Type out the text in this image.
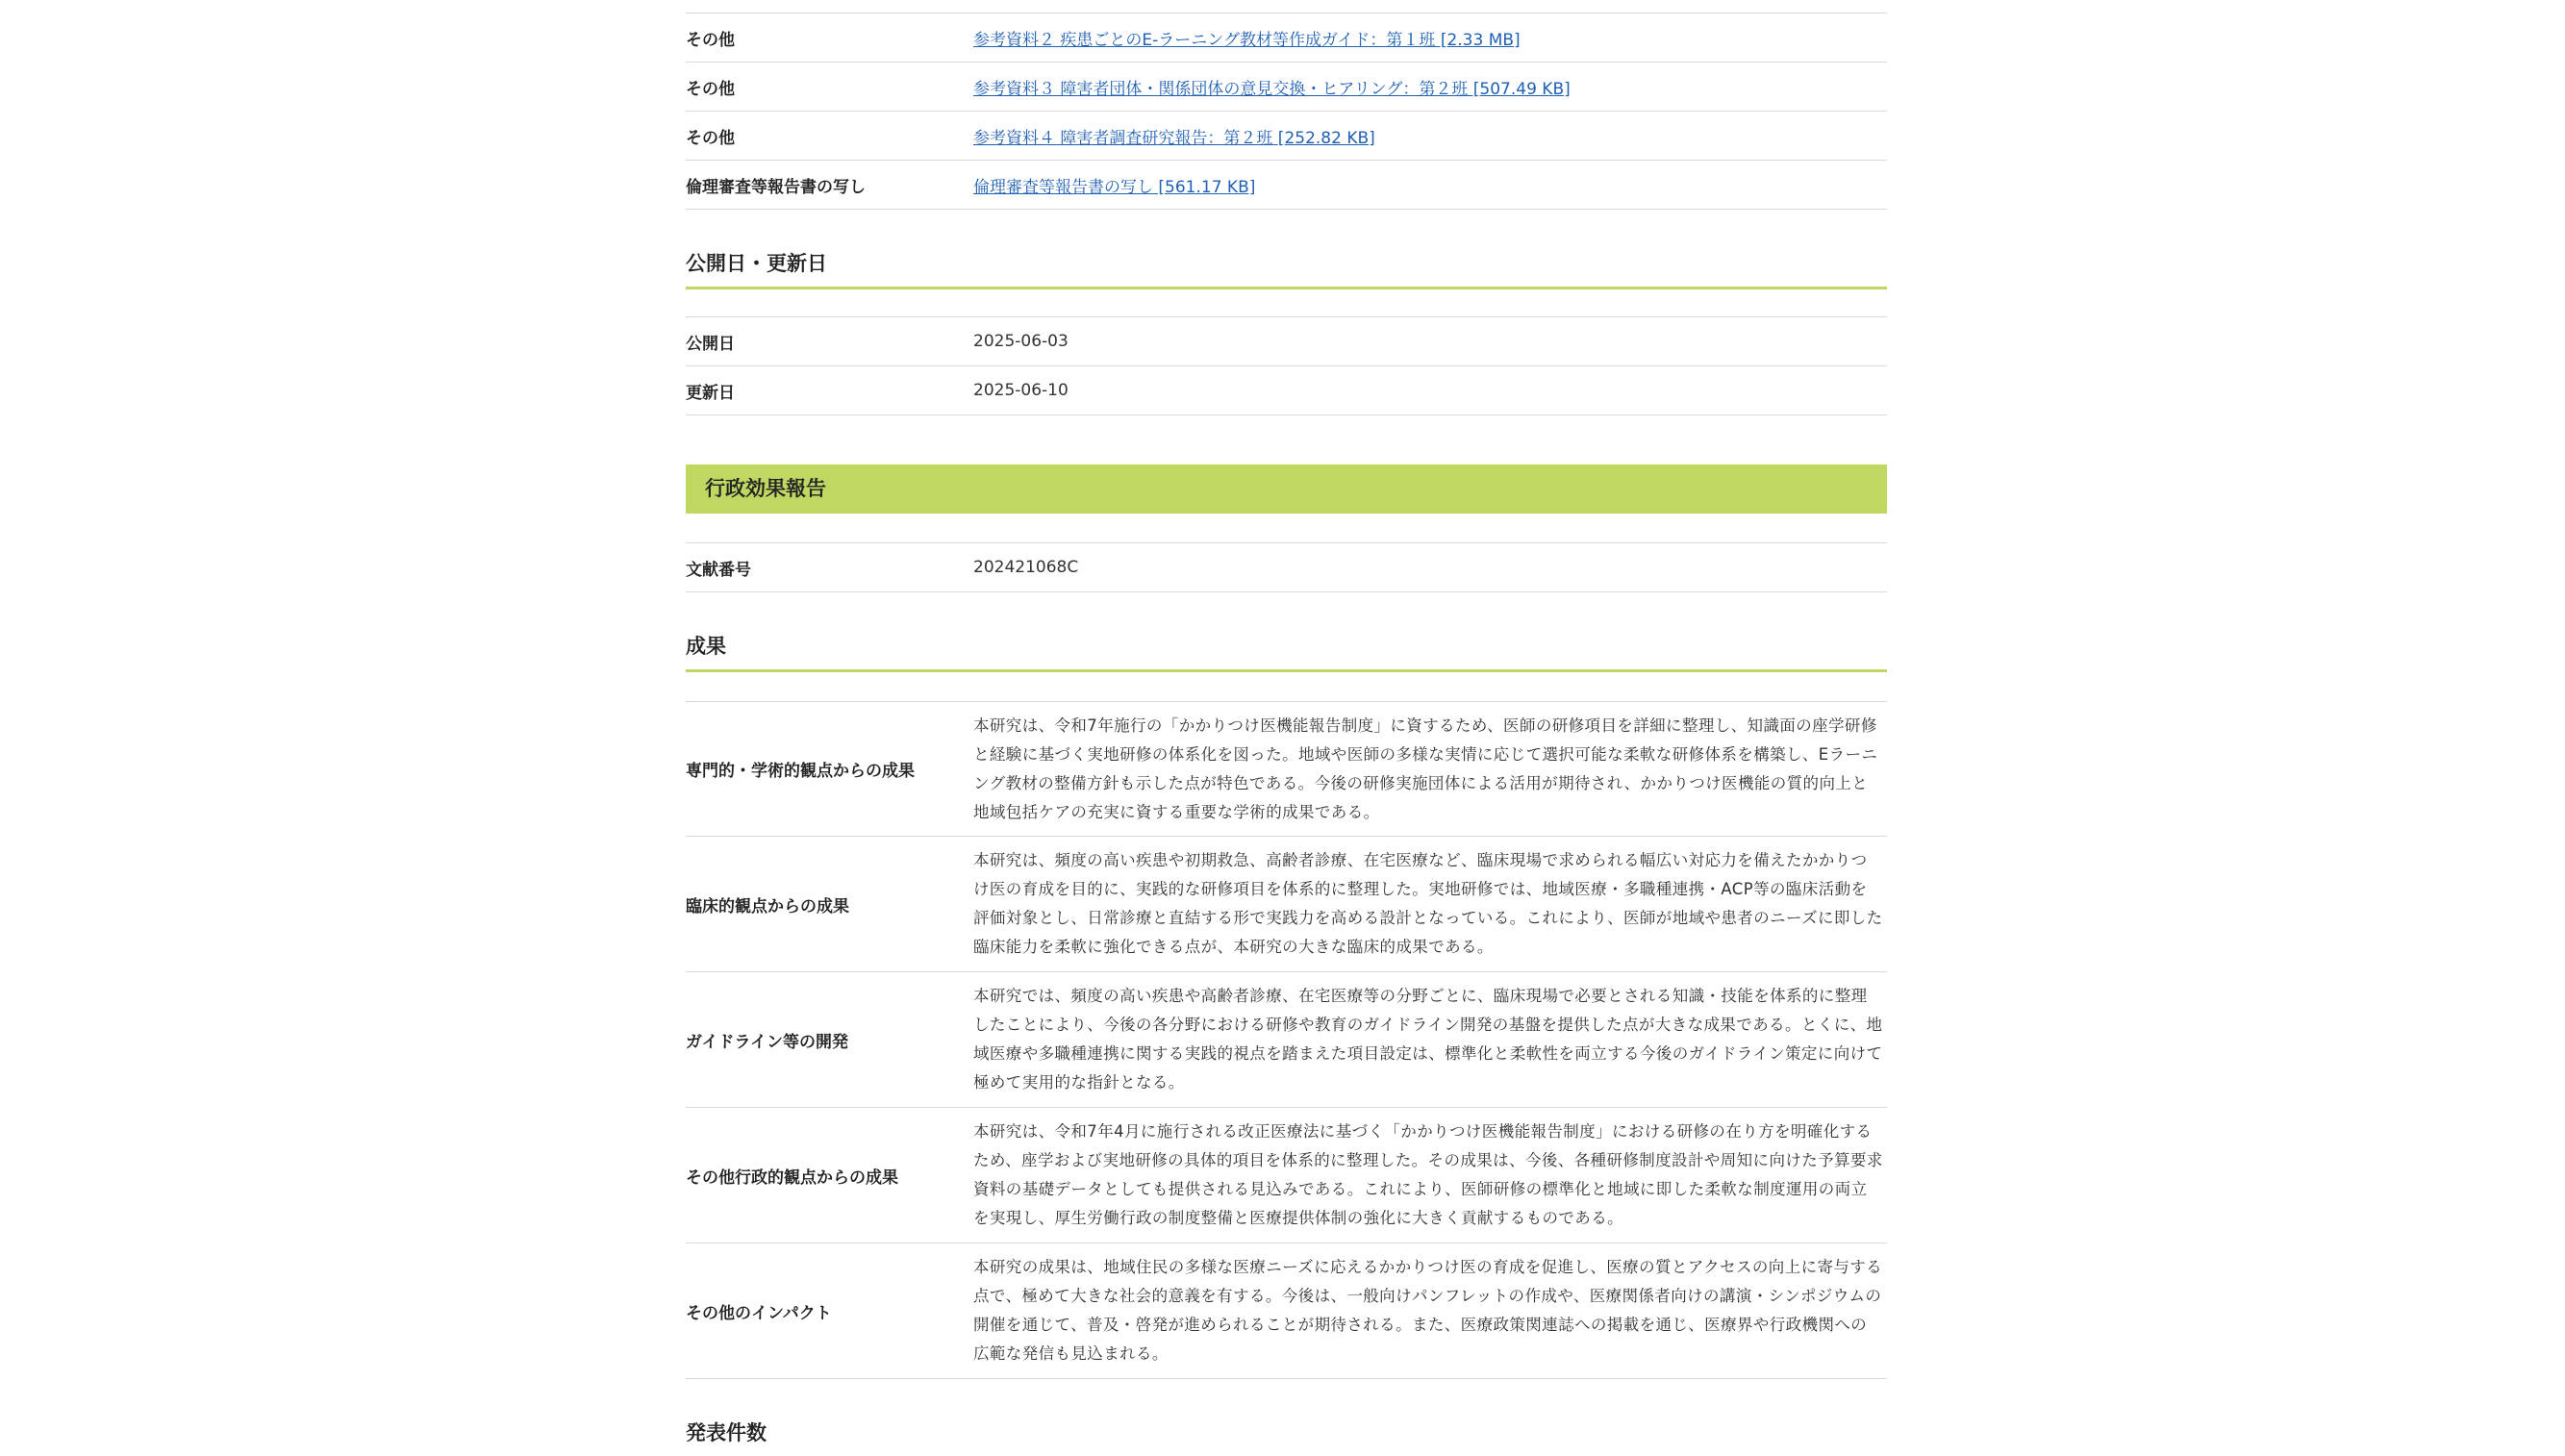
その他	参考資料２ 疾患ごとのE-ラーニング教材等作成ガイド：第１班 [2.33 MB]
その他	参考資料３ 障害者団体・関係団体の意見交換・ヒアリング：第２班 [507.49 KB]
その他	参考資料４ 障害者調査研究報告：第２班 [252.82 KB]
倫理審査等報告書の写し	倫理審査等報告書の写し [561.17 KB]
公開日・更新日
公開日	2025-06-03
更新日	2025-06-10
行政効果報告
文献番号	202421068C
成果
専門的・学術的観点からの成果	本研究は、令和7年施行の「かかりつけ医機能報告制度」に資するため、医師の研修項目を詳細に整理し、知識面の座学研修と経験に基づく実地研修の体系化を図った。地域や医師の多様な実情に応じて選択可能な柔軟な研修体系を構築し、Eラーニング教材の整備方針も示した点が特色である。今後の研修実施団体による活用が期待され、かかりつけ医機能の質的向上と地域包括ケアの充実に資する重要な学術的成果である。
臨床的観点からの成果	本研究は、頻度の高い疾患や初期救急、高齢者診療、在宅医療など、臨床現場で求められる幅広い対応力を備えたかかりつけ医の育成を目的に、実践的な研修項目を体系的に整理した。実地研修では、地域医療・多職種連携・ACP等の臨床活動を評価対象とし、日常診療と直結する形で実践力を高める設計となっている。これにより、医師が地域や患者のニーズに即した臨床能力を柔軟に強化できる点が、本研究の大きな臨床的成果である。
ガイドライン等の開発	本研究では、頻度の高い疾患や高齢者診療、在宅医療等の分野ごとに、臨床現場で必要とされる知識・技能を体系的に整理したことにより、今後の各分野における研修や教育のガイドライン開発の基盤を提供した点が大きな成果である。とくに、地域医療や多職種連携に関する実践的視点を踏まえた項目設定は、標準化と柔軟性を両立する今後のガイドライン策定に向けて極めて実用的な指針となる。
その他行政的観点からの成果	本研究は、令和7年4月に施行される改正医療法に基づく「かかりつけ医機能報告制度」における研修の在り方を明確化するため、座学および実地研修の具体的項目を体系的に整理した。その成果は、今後、各種研修制度設計や周知に向けた予算要求資料の基礎データとしても提供される見込みである。これにより、医師研修の標準化と地域に即した柔軟な制度運用の両立を実現し、厚生労働行政の制度整備と医療提供体制の強化に大きく貢献するものである。
その他のインパクト	本研究の成果は、地域住民の多様な医療ニーズに応えるかかりつけ医の育成を促進し、医療の質とアクセスの向上に寄与する点で、極めて大きな社会的意義を有する。今後は、一般向けパンフレットの作成や、医療関係者向けの講演・シンポジウムの開催を通じて、普及・啓発が進められることが期待される。また、医療政策関連誌への掲載を通じ、医療界や行政機関への広範な発信も見込まれる。
発表件数
